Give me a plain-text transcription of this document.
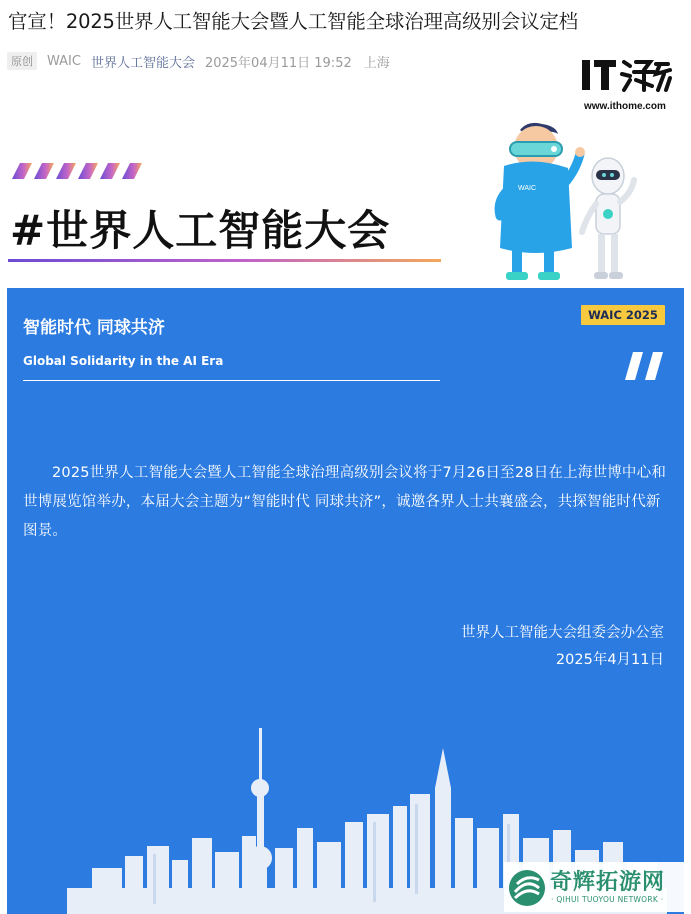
官宣！2025世界人工智能大会暨人工智能全球治理高级别会议定档
原创	WAIC 世界人工智能大会 2025年04月11日 19:52 上海
www.ithome.com
#世界人工智能大会
WAIC
智能时代 同球共济
Global Solidarity in the AI Era
WAIC 2025
2025世界人工智能大会暨人工智能全球治理高级别会议将于7月26日至28日在上海世博中心和世博展览馆举办，本届大会主题为“智能时代 同球共济”，诚邀各界人士共襄盛会，共探智能时代新图景。
世界人工智能大会组委会办公室
2025年4月11日
奇辉拓游网
· QIHUI TUOYOU NETWORK ·
